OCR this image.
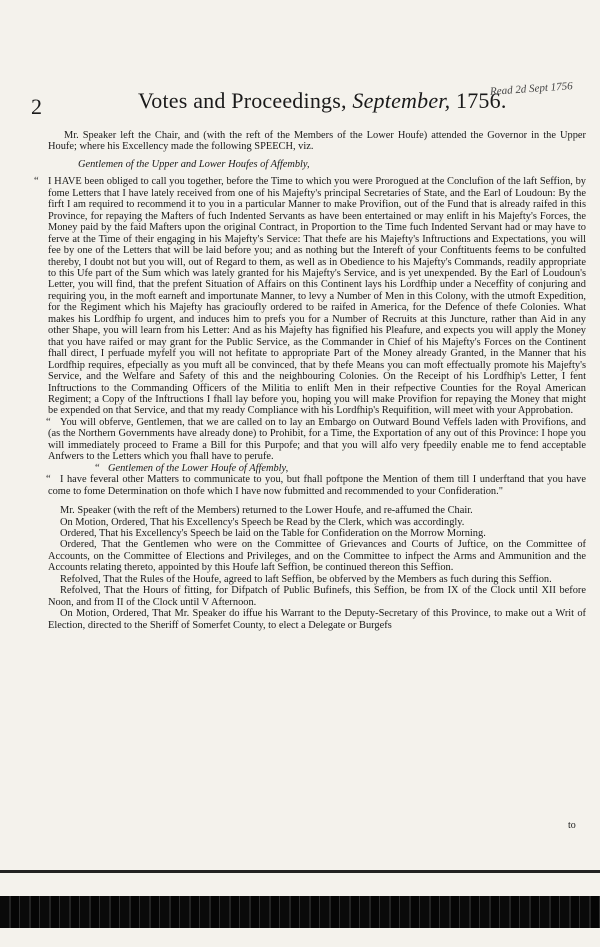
2	Votes and Proceedings, September, 1756.
Read 2d Sept 1756

Mr. Speaker left the Chair, and (with the reft of the Members of the Lower Houfe) attended the Governor in the Upper Houfe; where his Excellency made the following SPEECH, viz.

Gentlemen of the Upper and Lower Houfes of Affembly,

“ I HAVE been obliged to call you together, before the Time to which you were Prorogued at the Conclufion of the laft Seffion, by fome Letters that I have lately received from one of his Majefty's principal Secretaries of State, and the Earl of Loudoun: By the firft I am required to recommend it to you in a particular Manner to make Provifion, out of the Fund that is already raifed in this Province, for repaying the Mafters of fuch Indented Servants as have been entertained or may enlift in his Majefty's Forces, the Money paid by the faid Mafters upon the original Contract, in Proportion to the Time fuch Indented Servant had or may have to ferve at the Time of their engaging in his Majefty's Service: That thefe are his Majefty's Inftructions and Expectations, you will fee by one of the Letters that will be laid before you; and as nothing but the Intereft of your Conftituents feems to be confulted thereby, I doubt not but you will, out of Regard to them, as well as in Obedience to his Majefty's Commands, readily appropriate to this Ufe part of the Sum which was lately granted for his Majefty's Service, and is yet unexpended. By the Earl of Loudoun's Letter, you will find, that the prefent Situation of Affairs on this Continent lays his Lordfhip under a Neceffity of conjuring and requiring you, in the moft earneft and importunate Manner, to levy a Number of Men in this Colony, with the utmoft Expedition, for the Regiment which his Majefty has gracioufly ordered to be raifed in America, for the Defence of thefe Colonies. What makes his Lordfhip fo urgent, and induces him to prefs you for a Number of Recruits at this Juncture, rather than Aid in any other Shape, you will learn from his Letter: And as his Majefty has fignified his Pleafure, and expects you will apply the Money that you have raifed or may grant for the Public Service, as the Commander in Chief of his Majefty's Forces on the Continent fhall direct, I perfuade myfelf you will not hefitate to appropriate Part of the Money already Granted, in the Manner that his Lordfhip requires, efpecially as you muft all be convinced, that by thefe Means you can moft effectually promote his Majefty's Service, and the Welfare and Safety of this and the neighbouring Colonies. On the Receipt of his Lordfhip's Letter, I fent Inftructions to the Commanding Officers of the Militia to enlift Men in their refpective Counties for the Royal American Regiment; a Copy of the Inftructions I fhall lay before you, hoping you will make Provifion for repaying the Money that might be expended on that Service, and that my ready Compliance with his Lordfhip's Requifition, will meet with your Approbation.

“ You will obferve, Gentlemen, that we are called on to lay an Embargo on Outward Bound Veffels laden with Provifions, and (as the Northern Governments have already done) to Prohibit, for a Time, the Exportation of any out of this Province: I hope you will immediately proceed to Frame a Bill for this Purpofe; and that you will alfo very fpeedily enable me to fend acceptable Anfwers to the Letters which you fhall have to perufe.

“ Gentlemen of the Lower Houfe of Affembly,

“ I have feveral other Matters to communicate to you, but fhall poftpone the Mention of them till I underftand that you have come to fome Determination on thofe which I have now fubmitted and recommended to your Confideration."

Mr. Speaker (with the reft of the Members) returned to the Lower Houfe, and re-affumed the Chair.

On Motion, Ordered, That his Excellency's Speech be Read by the Clerk, which was accordingly.

Ordered, That his Excellency's Speech be laid on the Table for Confideration on the Morrow Morning.

Ordered, That the Gentlemen who were on the Committee of Grievances and Courts of Juftice, on the Committee of Accounts, on the Committee of Elections and Privileges, and on the Committee to infpect the Arms and Ammunition and the Accounts relating thereto, appointed by this Houfe laft Seffion, be continued thereon this Seffion.

Refolved, That the Rules of the Houfe, agreed to laft Seffion, be obferved by the Members as fuch during this Seffion.

Refolved, That the Hours of fitting, for Difpatch of Public Bufinefs, this Seffion, be from IX of the Clock until XII before Noon, and from II of the Clock until V Afternoon.

On Motion, Ordered, That Mr. Speaker do iffue his Warrant to the Deputy-Secretary of this Province, to make out a Writ of Election, directed to the Sheriff of Somerfet County, to elect a Delegate or Burgefs

to
